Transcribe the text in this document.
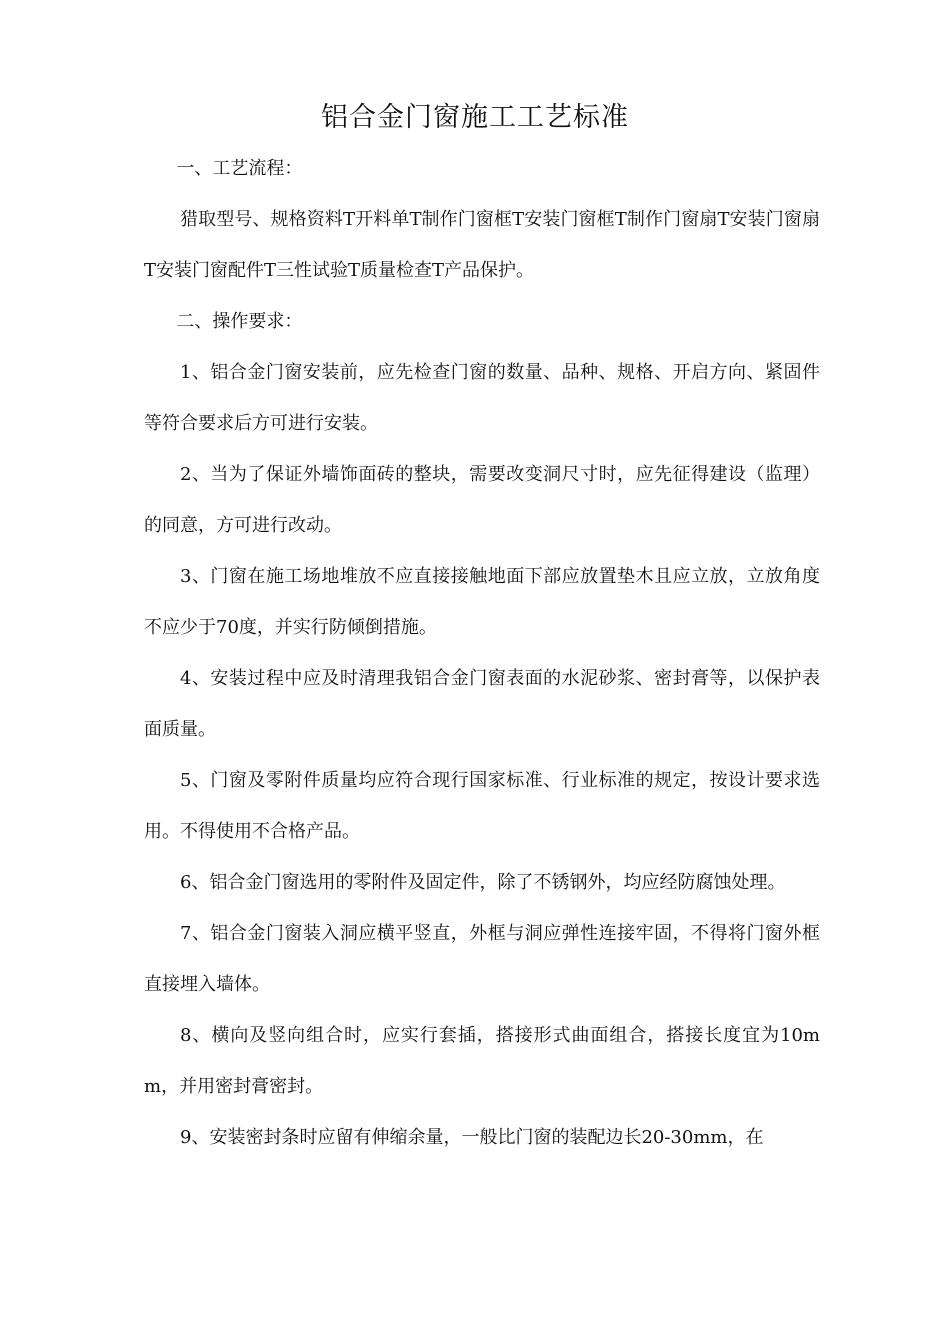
铝合金门窗施工工艺标准

一、工艺流程：

猎取型号、规格资料T开料单T制作门窗框T安装门窗框T制作门窗扇T安装门窗扇T安装门窗配件T三性试验T质量检查T产品保护。

二、操作要求：

1、铝合金门窗安装前，应先检查门窗的数量、品种、规格、开启方向、紧固件等符合要求后方可进行安装。

2、当为了保证外墙饰面砖的整块，需要改变洞尺寸时，应先征得建设（监理）的同意，方可进行改动。

3、门窗在施工场地堆放不应直接接触地面下部应放置垫木且应立放，立放角度不应少于70度，并实行防倾倒措施。

4、安装过程中应及时清理我铝合金门窗表面的水泥砂浆、密封膏等，以保护表面质量。

5、门窗及零附件质量均应符合现行国家标准、行业标准的规定，按设计要求选用。不得使用不合格产品。

6、铝合金门窗选用的零附件及固定件，除了不锈钢外，均应经防腐蚀处理。

7、铝合金门窗装入洞应横平竖直，外框与洞应弹性连接牢固，不得将门窗外框直接埋入墙体。

8、横向及竖向组合时，应实行套插，搭接形式曲面组合，搭接长度宜为10mm，并用密封膏密封。

9、安装密封条时应留有伸缩余量，一般比门窗的装配边长20-30mm，在
